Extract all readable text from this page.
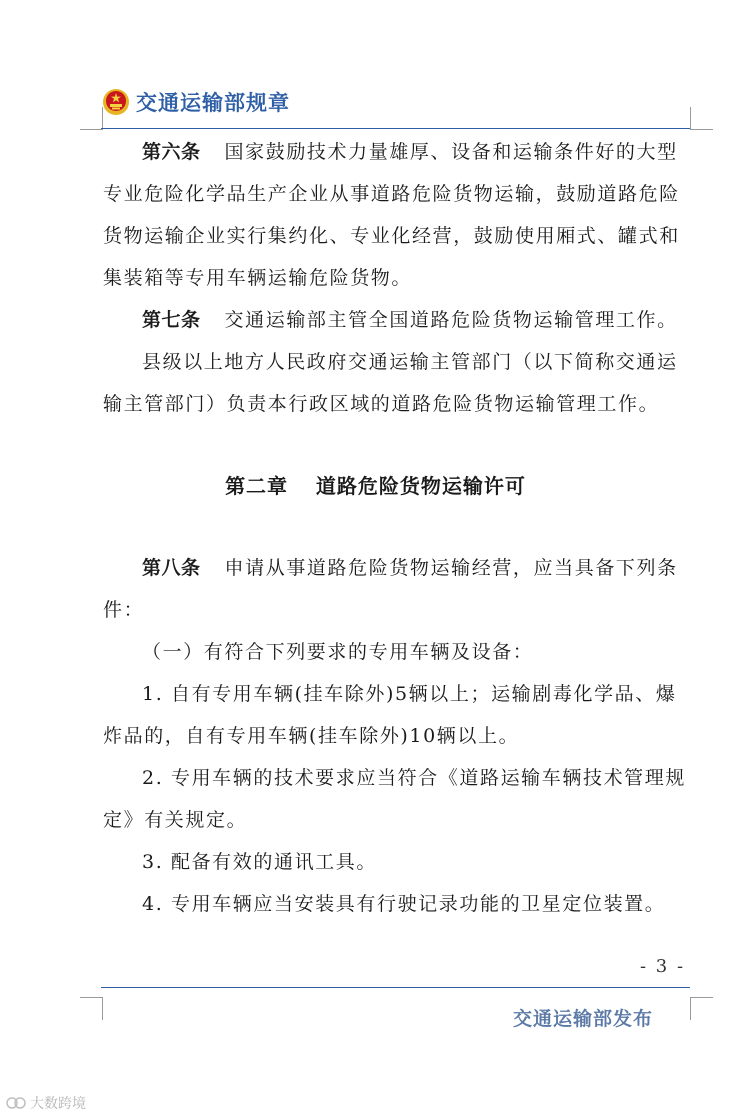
交通运输部规章
第六条 国家鼓励技术力量雄厚、设备和运输条件好的大型
专业危险化学品生产企业从事道路危险货物运输，鼓励道路危险
货物运输企业实行集约化、专业化经营，鼓励使用厢式、罐式和
集装箱等专用车辆运输危险货物。
第七条 交通运输部主管全国道路危险货物运输管理工作。
县级以上地方人民政府交通运输主管部门（以下简称交通运
输主管部门）负责本行政区域的道路危险货物运输管理工作。
第二章 道路危险货物运输许可
第八条 申请从事道路危险货物运输经营，应当具备下列条
件：
（一）有符合下列要求的专用车辆及设备：
1. 自有专用车辆(挂车除外)5辆以上；运输剧毒化学品、爆
炸品的，自有专用车辆(挂车除外)10辆以上。
2. 专用车辆的技术要求应当符合《道路运输车辆技术管理规
定》有关规定。
3. 配备有效的通讯工具。
4. 专用车辆应当安装具有行驶记录功能的卫星定位装置。
- 3 -
交通运输部发布
大数跨境
